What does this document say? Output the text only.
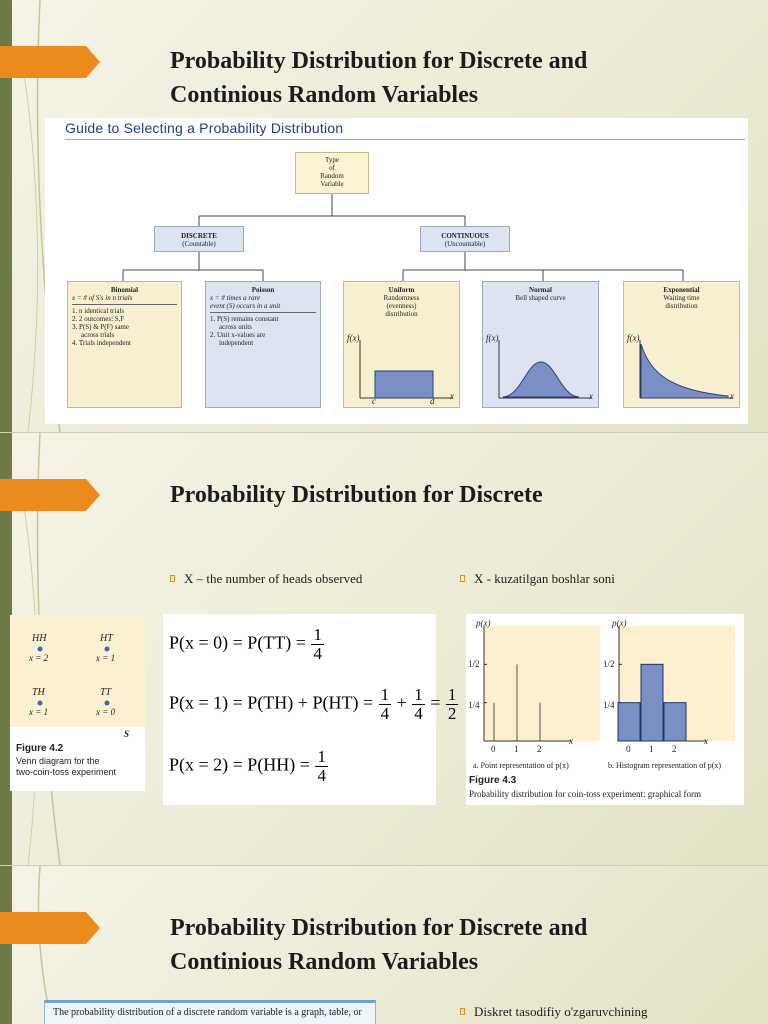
Probability Distribution for Discrete and
Continious Random Variables
Guide to Selecting a Probability Distribution
Type
of
Random
Variable
DISCRETE
(Countable)
CONTINUOUS
(Uncountable)
Binomial
x = # of S's in n trials
1. n identical trials
2. 2 outcomes: S,F
3. P(S) & P(F) same
across trials
4. Trials independent
Poisson
x = # times a rare
event (S) occurs in a unit
1. P(S) remains constant
across units
2. Unit x-values are
independent
Uniform
Randomness
(evenness)
distribution
f(x)
c	d x
Normal
Bell shaped curve
f(x)
x
Exponential
Waiting time
distribution
f(x)
x
Probability Distribution for Discrete
X – the number of heads observed	X - kuzatilgan boshlar soni
HH	HT
TH	TT
x = 2	x = 1
x = 1	x = 0
S
Figure 4.2
Venn diagram for the
two-coin-toss experiment
$P(x = 0) = P(TT) = \frac{1}{4}$
$P(x = 1) = P(TH) + P(HT) = \frac{1}{4} + \frac{1}{4} = \frac{1}{2}$
$P(x = 2) = P(HH) = \frac{1}{4}$
p(x)	p(x)
1/2
1/4
1/2
1/4
0 1 2
x
0 1 2
x
a. Point representation of p(x)	b. Histogram representation of p(x)
Figure 4.3
Probability distribution for coin-toss experiment: graphical form
Probability Distribution for Discrete and
Continious Random Variables
The probability distribution of a discrete random variable is a graph, table, or	Diskret tasodifiy o'zgaruvchining
